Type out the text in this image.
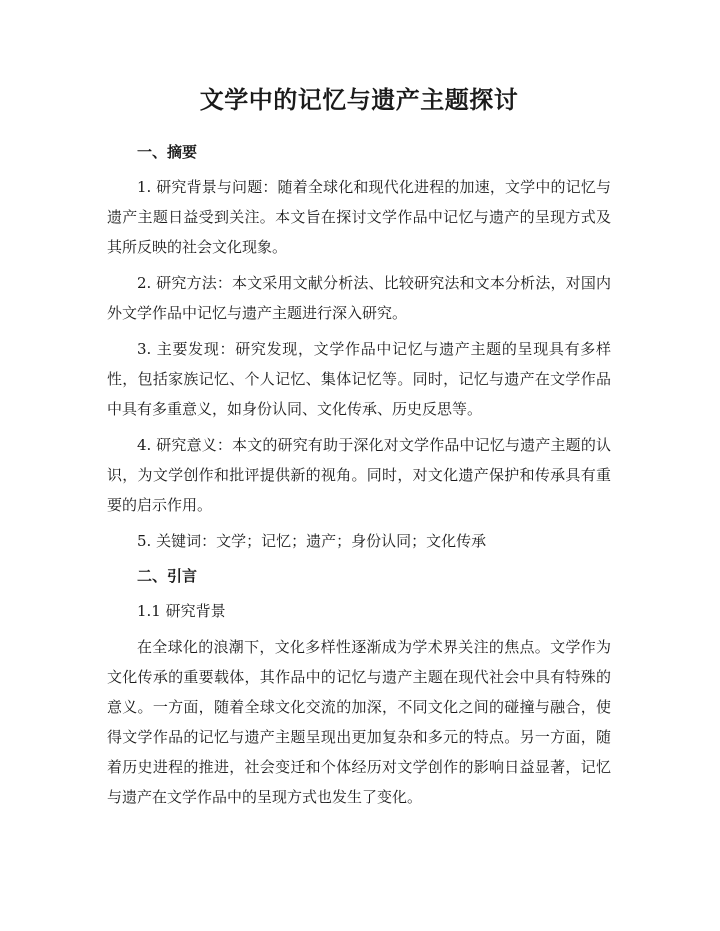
文学中的记忆与遗产主题探讨
一、摘要

1. 研究背景与问题：随着全球化和现代化进程的加速，文学中的记忆与遗产主题日益受到关注。本文旨在探讨文学作品中记忆与遗产的呈现方式及其所反映的社会文化现象。

2. 研究方法：本文采用文献分析法、比较研究法和文本分析法，对国内外文学作品中记忆与遗产主题进行深入研究。

3. 主要发现：研究发现，文学作品中记忆与遗产主题的呈现具有多样性，包括家族记忆、个人记忆、集体记忆等。同时，记忆与遗产在文学作品中具有多重意义，如身份认同、文化传承、历史反思等。

4. 研究意义：本文的研究有助于深化对文学作品中记忆与遗产主题的认识，为文学创作和批评提供新的视角。同时，对文化遗产保护和传承具有重要的启示作用。

5. 关键词：文学；记忆；遗产；身份认同；文化传承

二、引言
1.1 研究背景

在全球化的浪潮下，文化多样性逐渐成为学术界关注的焦点。文学作为文化传承的重要载体，其作品中的记忆与遗产主题在现代社会中具有特殊的意义。一方面，随着全球文化交流的加深，不同文化之间的碰撞与融合，使得文学作品的记忆与遗产主题呈现出更加复杂和多元的特点。另一方面，随着历史进程的推进，社会变迁和个体经历对文学创作的影响日益显著，记忆与遗产在文学作品中的呈现方式也发生了变化。
